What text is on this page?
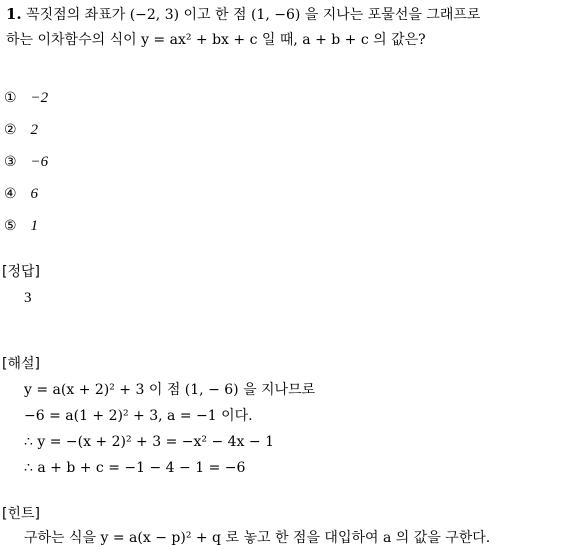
1. 꼭짓점의 좌표가 (−2, 3) 이고 한 점 (1, −6) 을 지나는 포물선을 그래프로
하는 이차함수의 식이 y = ax² + bx + c 일 때, a + b + c 의 값은?
① −2
② 2
③ −6
④ 6
⑤ 1
[정답]
3
[해설]
y = a(x + 2)² + 3 이 점 (1, − 6) 을 지나므로
−6 = a(1 + 2)² + 3, a = −1 이다.
∴ y = −(x + 2)² + 3 = −x² − 4x − 1
∴ a + b + c = −1 − 4 − 1 = −6
[힌트]
구하는 식을 y = a(x − p)² + q 로 놓고 한 점을 대입하여 a 의 값을 구한다.
